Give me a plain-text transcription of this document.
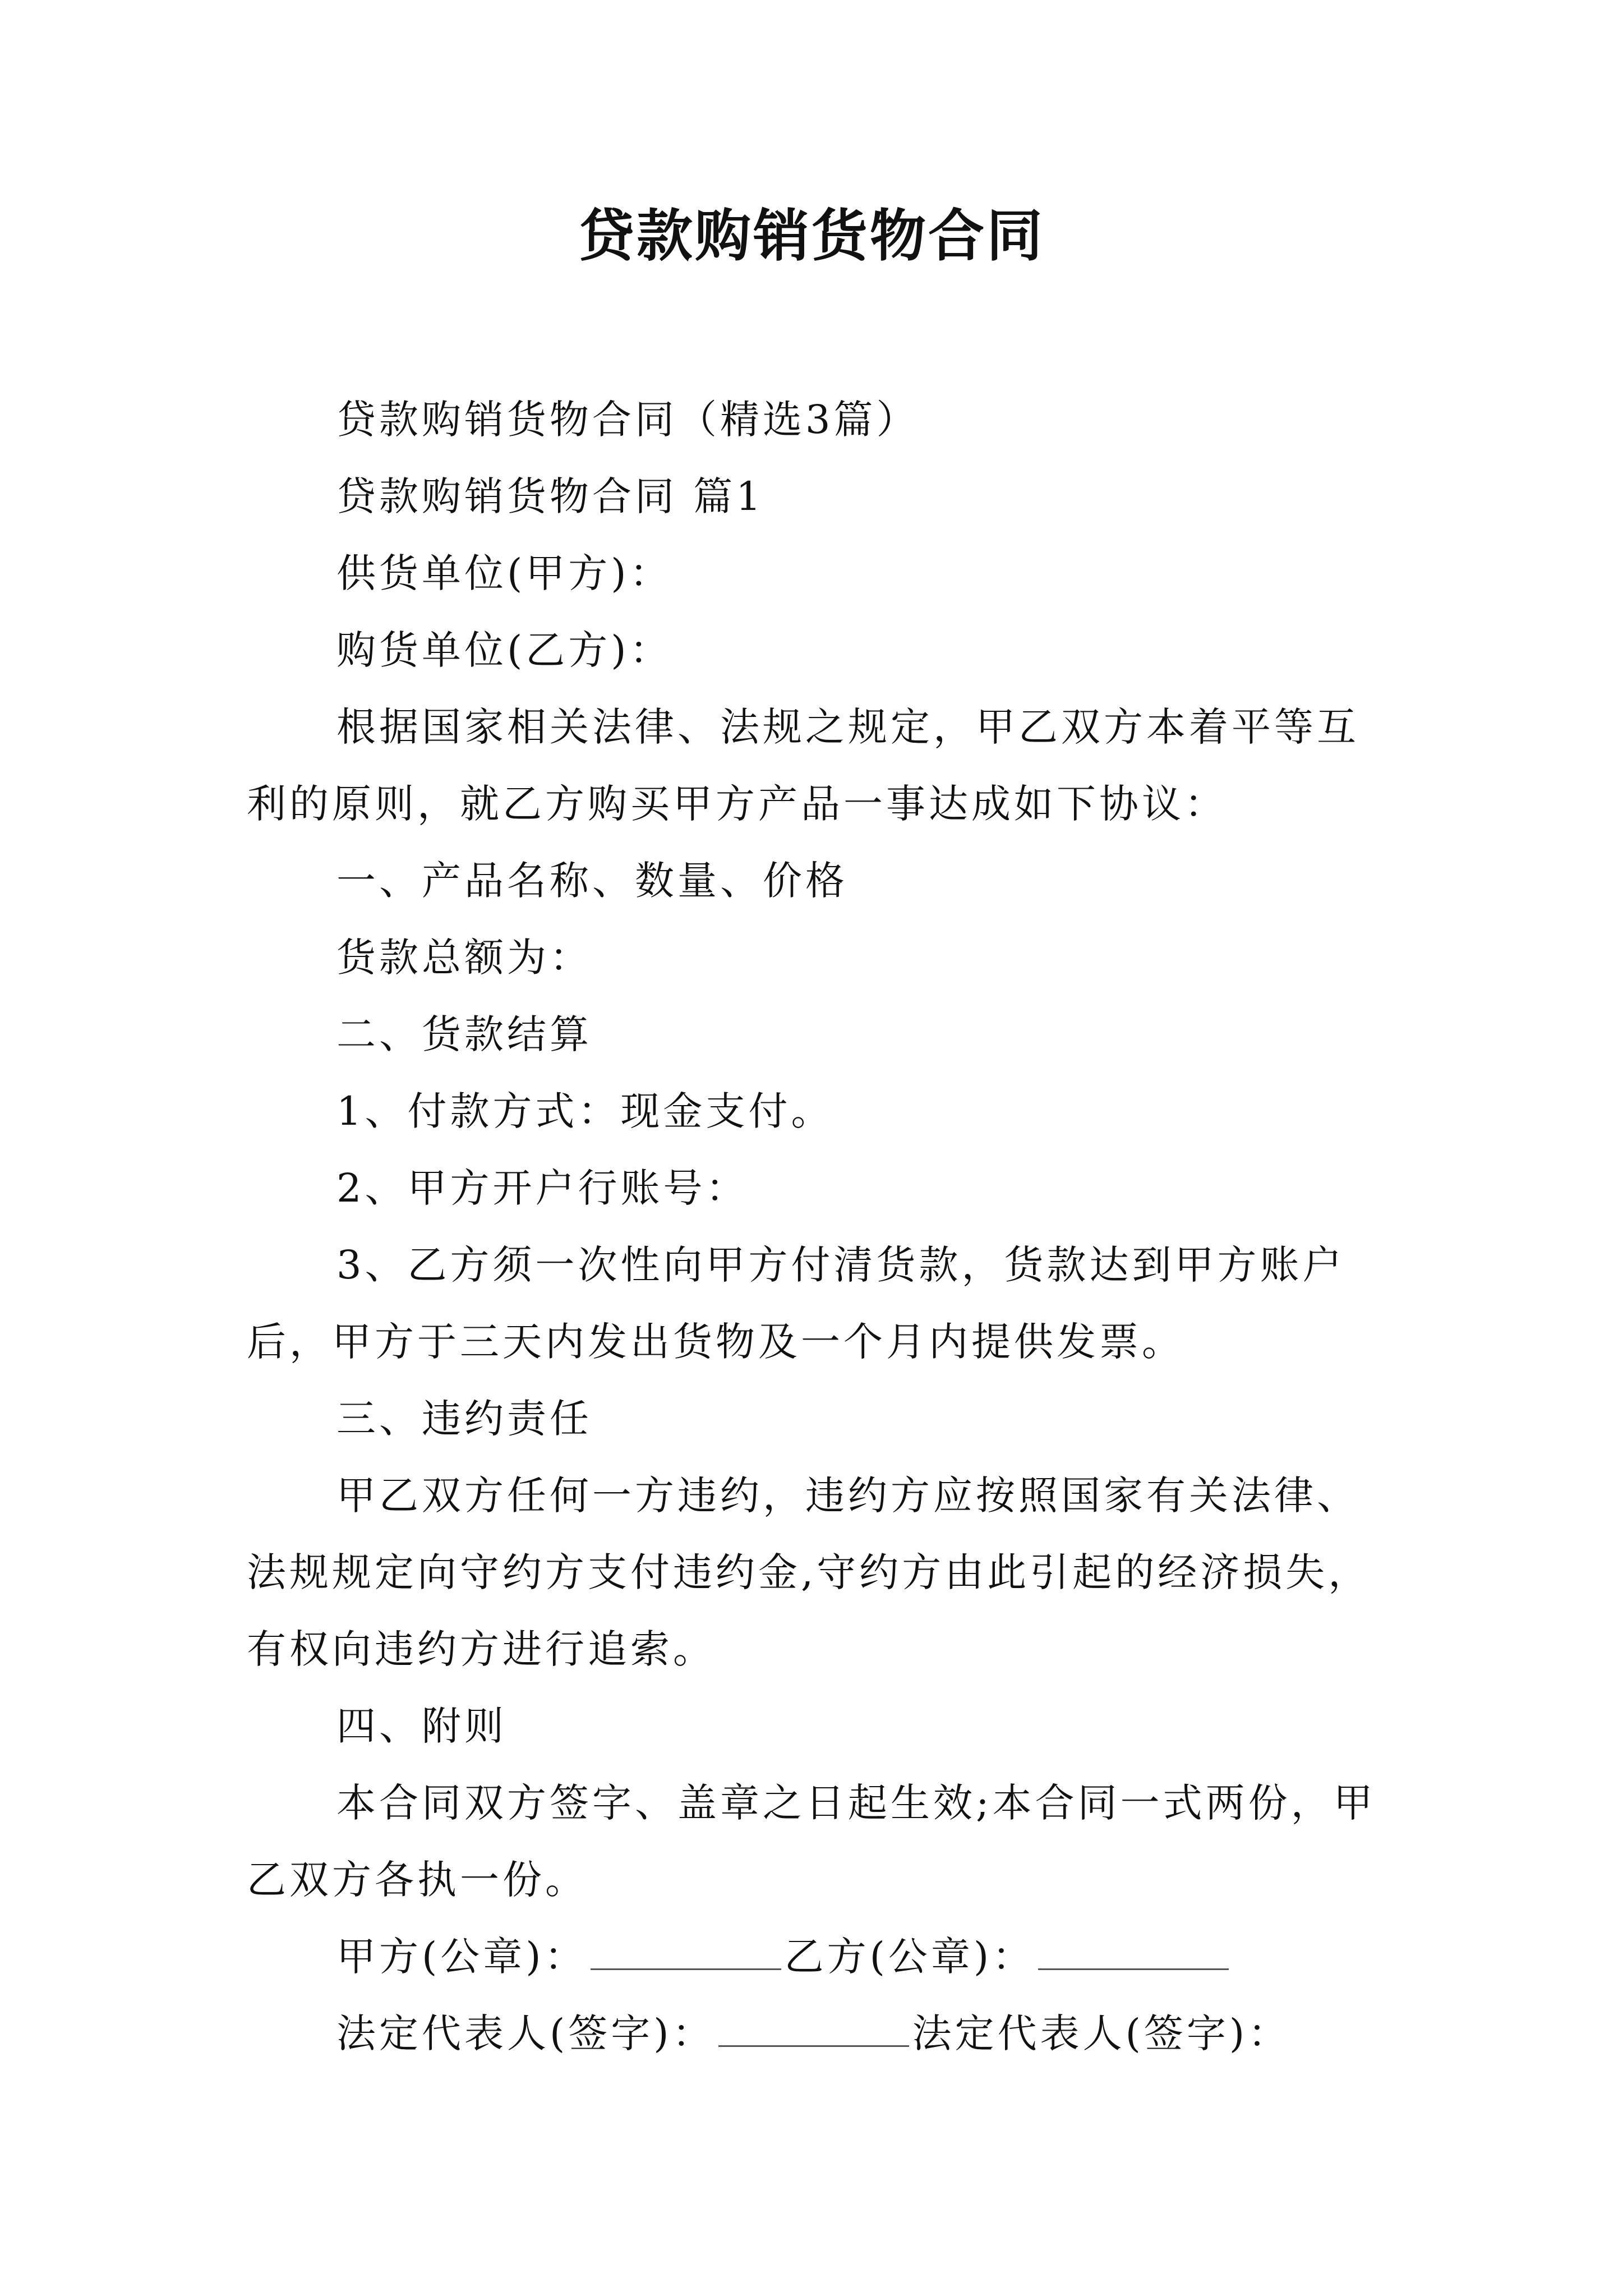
贷款购销货物合同

贷款购销货物合同（精选3篇）

贷款购销货物合同 篇1

供货单位(甲方)：

购货单位(乙方)：

根据国家相关法律、法规之规定，甲乙双方本着平等互利的原则，就乙方购买甲方产品一事达成如下协议：

一、产品名称、数量、价格

货款总额为：

二、货款结算

1、付款方式：现金支付。

2、甲方开户行账号：

3、乙方须一次性向甲方付清货款，货款达到甲方账户后，甲方于三天内发出货物及一个月内提供发票。

三、违约责任

甲乙双方任何一方违约，违约方应按照国家有关法律、法规规定向守约方支付违约金,守约方由此引起的经济损失，有权向违约方进行追索。

四、附则

本合同双方签字、盖章之日起生效;本合同一式两份，甲乙双方各执一份。

甲方(公章)：	乙方(公章)：

法定代表人(签字)：	法定代表人(签字)：
